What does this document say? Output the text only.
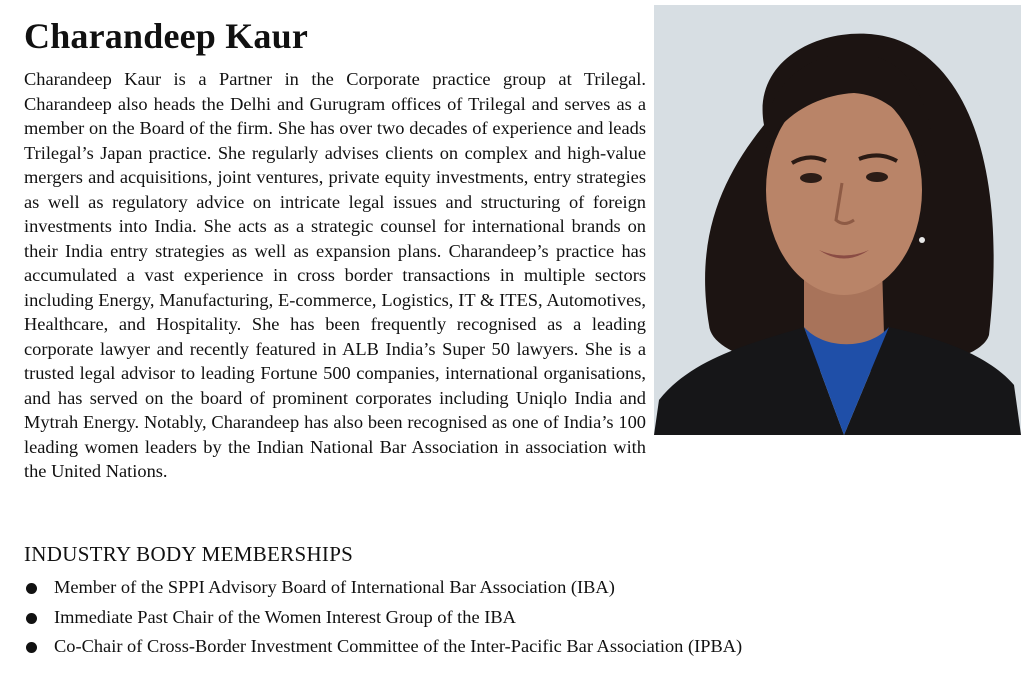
Charandeep Kaur

Charandeep Kaur is a Partner in the Corporate practice group at Trilegal. Charandeep also heads the Delhi and Gurugram offices of Trilegal and serves as a member on the Board of the firm. She has over two decades of experience and leads Trilegal’s Japan practice. She regularly advises clients on complex and high-value mergers and acquisitions, joint ventures, private equity investments, entry strategies as well as regulatory advice on intricate legal issues and structuring of foreign investments into India. She acts as a strategic counsel for international brands on their India entry strategies as well as expansion plans. Charandeep’s practice has accumulated a vast experience in cross border transactions in multiple sectors including Energy, Manufacturing, E-commerce, Logistics, IT & ITES, Automotives, Healthcare, and Hospitality. She has been frequently recognised as a leading corporate lawyer and recently featured in ALB India’s Super 50 lawyers. She is a trusted legal advisor to leading Fortune 500 companies, international organisations, and has served on the board of prominent corporates including Uniqlo India and Mytrah Energy. Notably, Charandeep has also been recognised as one of India’s 100 leading women leaders by the Indian National Bar Association in association with the United Nations.

INDUSTRY BODY MEMBERSHIPS
Member of the SPPI Advisory Board of International Bar Association (IBA)
Immediate Past Chair of the Women Interest Group of the IBA
Co-Chair of Cross-Border Investment Committee of the Inter-Pacific Bar Association (IPBA)
